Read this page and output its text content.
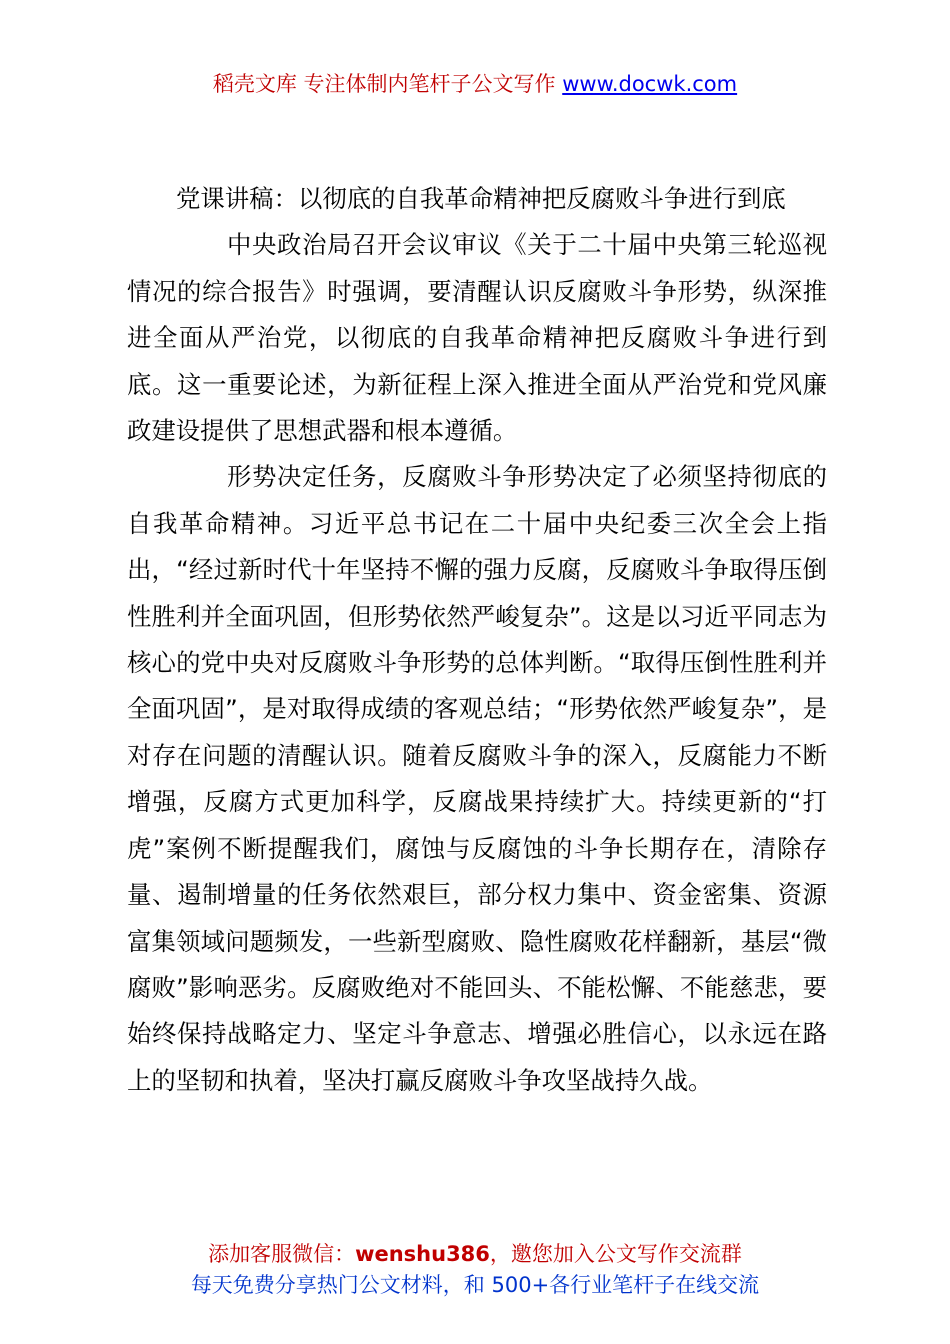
稻壳文库 专注体制内笔杆子公文写作 www.docwk.com

党课讲稿：以彻底的自我革命精神把反腐败斗争进行到底

中央政治局召开会议审议《关于二十届中央第三轮巡视情况的综合报告》时强调，要清醒认识反腐败斗争形势，纵深推进全面从严治党，以彻底的自我革命精神把反腐败斗争进行到底。这一重要论述，为新征程上深入推进全面从严治党和党风廉政建设提供了思想武器和根本遵循。

形势决定任务，反腐败斗争形势决定了必须坚持彻底的自我革命精神。习近平总书记在二十届中央纪委三次全会上指出，“经过新时代十年坚持不懈的强力反腐，反腐败斗争取得压倒性胜利并全面巩固，但形势依然严峻复杂”。这是以习近平同志为核心的党中央对反腐败斗争形势的总体判断。“取得压倒性胜利并全面巩固”，是对取得成绩的客观总结；“形势依然严峻复杂”，是对存在问题的清醒认识。随着反腐败斗争的深入，反腐能力不断增强，反腐方式更加科学，反腐战果持续扩大。持续更新的“打虎”案例不断提醒我们，腐蚀与反腐蚀的斗争长期存在，清除存量、遏制增量的任务依然艰巨，部分权力集中、资金密集、资源富集领域问题频发，一些新型腐败、隐性腐败花样翻新，基层“微腐败”影响恶劣。反腐败绝对不能回头、不能松懈、不能慈悲，要始终保持战略定力、坚定斗争意志、增强必胜信心，以永远在路上的坚韧和执着，坚决打赢反腐败斗争攻坚战持久战。

添加客服微信：wenshu386，邀您加入公文写作交流群
每天免费分享热门公文材料，和 500+各行业笔杆子在线交流
